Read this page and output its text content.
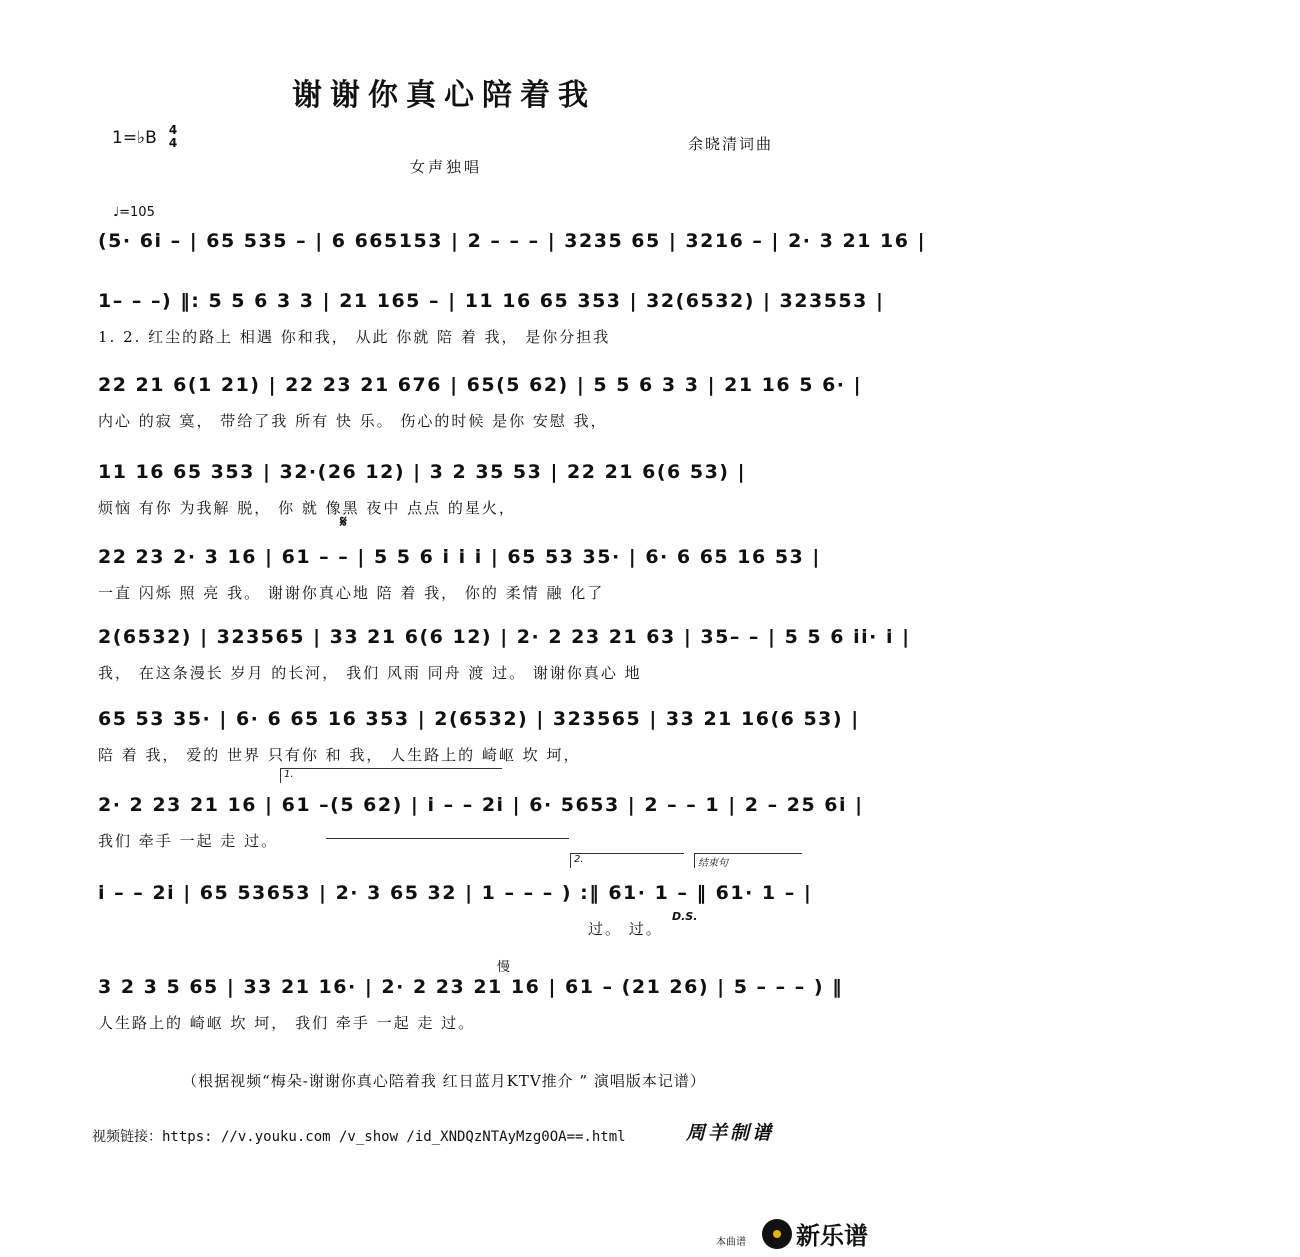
谢谢你真心陪着我
1=♭B 4
4	余晓清词曲
女声独唱
♩=105
(5· 6i – | 65 535 – | 6 665153 | 2 – – – | 3235 65 | 3216 – | 2· 3 21 16 |
1– – –) ‖: 5 5 6 3 3 | 21 165 – | 11 16 65 353 | 32(6532) | 323553 |
1. 2. 红尘的路上 相遇 你和我， 从此 你就 陪 着 我， 是你分担我
22 21 6(1 21) | 22 23 21 676 | 65(5 62) | 5 5 6 3 3 | 21 16 5 6· |
内心 的寂 寞， 带给了我 所有 快 乐。 伤心的时候 是你 安慰 我，
11 16 65 353 | 32·(26 12) | 3 2 35 53 | 22 21 6(6 53) |
烦恼 有你 为我解 脱， 你 就 像黑 夜中 点点 的星火，
𝄋
22 23 2· 3 16 | 61 – – | 5 5 6 i i i | 65 53 35· | 6· 6 65 16 53 |
一直 闪烁 照 亮 我。 谢谢你真心地 陪 着 我， 你的 柔情 融 化了
2(6532) | 323565 | 33 21 6(6 12) | 2· 2 23 21 63 | 35– – | 5 5 6 ii· i |
我， 在这条漫长 岁月 的长河， 我们 风雨 同舟 渡 过。 谢谢你真心 地
65 53 35· | 6· 6 65 16 353 | 2(6532) | 323565 | 33 21 16(6 53) |
陪 着 我， 爱的 世界 只有你 和 我， 人生路上的 崎岖 坎 坷，
1.
2· 2 23 21 16 | 61 –(5 62) | i – – 2i | 6· 5653 | 2 – – 1 | 2 – 25 6i |
我们 牵手 一起 走 过。
2.	结束句
i – – 2i | 65 53653 | 2· 3 65 32 | 1 – – – ) :‖ 61· 1 – ‖ 61· 1 – |
过。 过。
D.S.
慢
3 2 3 5 65 | 33 21 16· | 2· 2 23 21 16 | 61 – (21 26) | 5 – – – ) ‖
人生路上的 崎岖 坎 坷， 我们 牵手 一起 走 过。
（根据视频“梅朵-谢谢你真心陪着我 红日蓝月KTV推介 ” 演唱版本记谱）
视频链接：https: //v.youku.com /v_show /id_XNDQzNTAyMzg0OA==.html	周羊制谱
本曲谱 新乐谱
